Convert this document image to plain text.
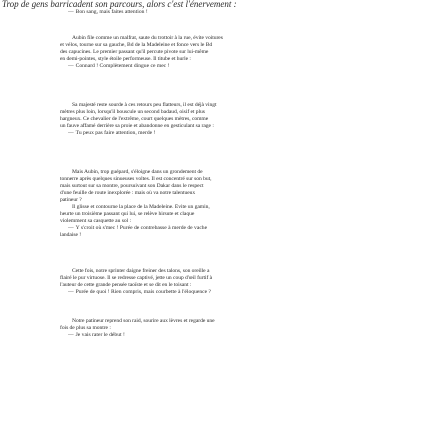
Trop de gens barricadent son parcours, alors c'est l'énervement :
— Bon sang, mais faites attention !
Aubin file comme un malfrat, saute du trottoir à la rue, évite voitures
et vélos, tourne sur sa gauche, Bd de la Madeleine et fonce vers le Bd
des capucines. Le premier passant qu'il percute pivote sur lui-même
en demi-pointes, style étoile performeuse. Il titube et hurle :
— Connard ! Complètement dingue ce mec !
Sa majesté reste sourde à ces retours peu flatteurs, il est déjà vingt
mètres plus loin, lorsqu'il bouscule un second badaud, oisif et plus
hargneux. Ce chevalier de l'extrême, court quelques mètres, comme
un fauve affamé derrière sa proie et abandonne en gesticulant sa rage :
— Tu peux pas faire attention, merde !
Mais Aubin, trop guépard, s'éloigne dans un grondement de
tonnerre après quelques sinueuses voltes. Il est concentré sur son but,
mais surtout sur sa montre, poursuivant son Dakar dans le respect
d'une feuille de route inexplorée : mais où va notre talentueux
patineur ?
Il glisse et contourne la place de la Madeleine. Évite un gamin,
heurte un troisième passant qui lui, se relève hirsute et claque
violemment sa casquette au sol :
— Y s'croit où s'mec ! Purée de contrebasse à merde de vache
landaise !
Cette fois, notre sprinter daigne freiner des talons, son oreille a
flairé le pur virtuose. Il se redresse captivé, jette un coup d'œil furtif à
l'auteur de cette grande pensée taoïste et se dit en le toisant :
— Purée de quoi ! Rien compris, mais courbette à l'éloquence ?
Notre patineur reprend son raid, sourire aux lèvres et regarde une
fois de plus sa montre :
— Je vais rater le début !
